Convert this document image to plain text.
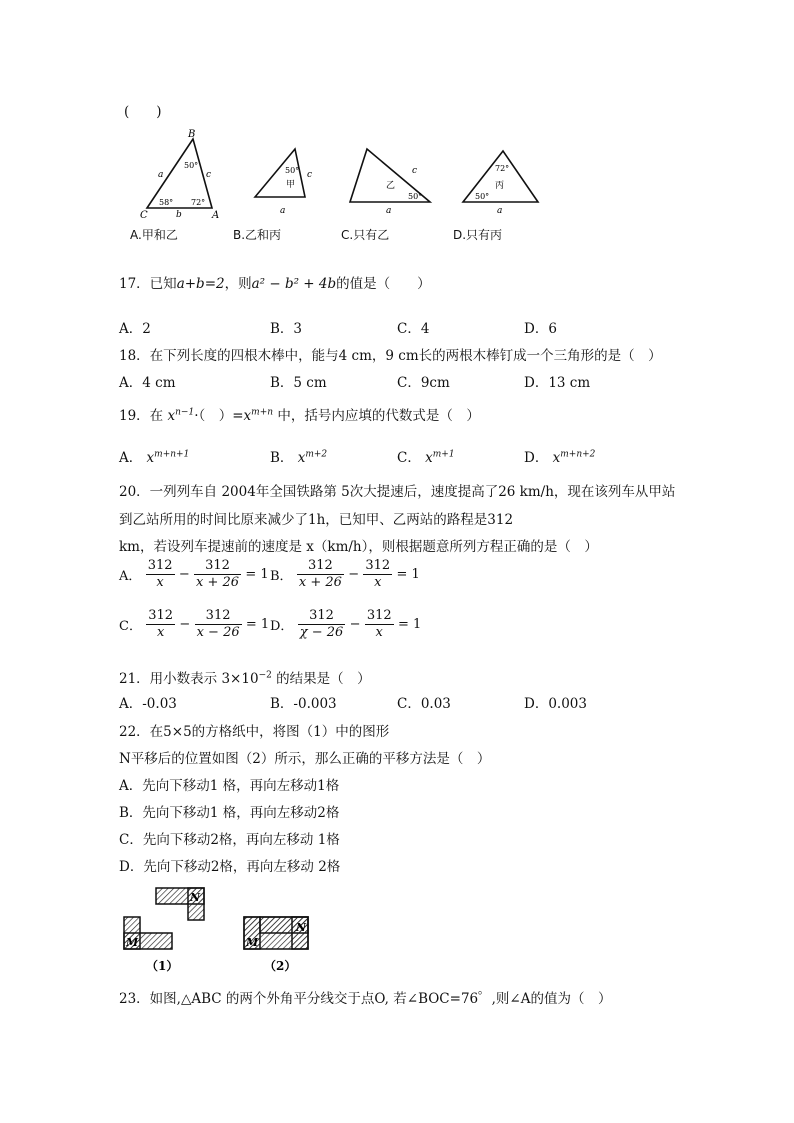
(　　)
B
C	A
a	c
b
50°
58° 72°
50°
甲
c
a
乙
50°
c
a
72°
丙
50°
a
A.甲和乙	B.乙和丙	C.只有乙	D.只有丙
17．已知a+b=2，则a² − b² + 4b的值是（　　）
A．2	B．3	C．4	D．6
18．在下列长度的四根木棒中，能与4 cm，9 cm长的两根木棒钉成一个三角形的是（　）
A．4 cm	B．5 cm	C．9cm	D．13 cm
19．在 $x^{n-1}\cdot$（　）$=x^{m+n}$ 中，括号内应填的代数式是（　）
A． $x^{m+n+1}$	B． $x^{m+2}$	C． $x^{m+1}$	D． $x^{m+n+2}$
20．一列列车自 2004年全国铁路第 5次大提速后，速度提高了26 km/h，现在该列车从甲站
到乙站所用的时间比原来减少了1h，已知甲、乙两站的路程是312
km，若设列车提速前的速度是 x（km/h），则根据题意所列方程正确的是（　）
A． $\frac{312}{x} - \frac{312}{x + 26} = 1$ B． $\frac{312}{x + 26} - \frac{312}{x} = 1$
C． $\frac{312}{x} - \frac{312}{x - 26} = 1$ D． $\frac{312}{\chi - 26} - \frac{312}{x} = 1$
21．用小数表示 $3\times 10^{-2}$ 的结果是（　）
A．-0.03	B．-0.003	C．0.03	D．0.003
22．在5×5的方格纸中，将图（1）中的图形
N平移后的位置如图（2）所示，那么正确的平移方法是（　）
A．先向下移动1 格，再向左移动1格
B．先向下移动1 格，再向左移动2格
C．先向下移动2格，再向左移动 1格
D．先向下移动2格，再向左移动 2格
N
M
（1）
N
M
（2）
23．如图,△ABC 的两个外角平分线交于点O, 若∠BOC=76゜,则∠A的值为（　）
